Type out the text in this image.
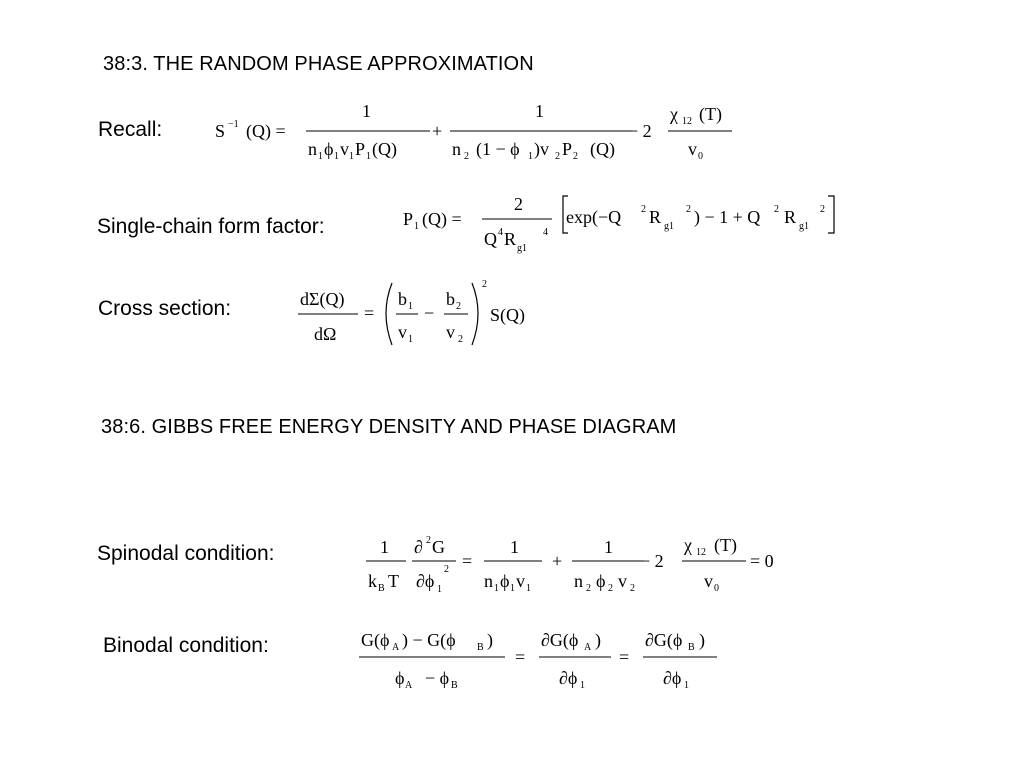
38:3. THE RANDOM PHASE APPROXIMATION
38:6. GIBBS FREE ENERGY DENSITY AND PHASE DIAGRAM
Recall:
Single-chain form factor:
Cross section:
Spinodal condition:
Binodal condition:
S −1 (Q) =
1
n 1 ϕ 1 v 1 P 1 (Q)
+
1
n 2 (1 − ϕ 1 )v 2 P 2 (Q)
− 2
χ 12 (T)
v 0
P 1 (Q) =
2
Q 4 R g1
4
exp(−Q 2 R g1
2 ) − 1 + Q 2 R g1
2
dΣ(Q)
dΩ
=
b 1
v 1
−
b 2
v 2
2
S(Q)
1
k B T
∂ 2 G
∂ϕ 1
2 =
1
n 1 ϕ 1 v 1
+
1
n 2 ϕ 2 v 2
− 2
χ 12 (T)
v 0
= 0
G(ϕ A ) − G(ϕ B )
ϕ A − ϕ B
=
∂G(ϕ A )
∂ϕ 1
=
∂G(ϕ B )
∂ϕ 1
